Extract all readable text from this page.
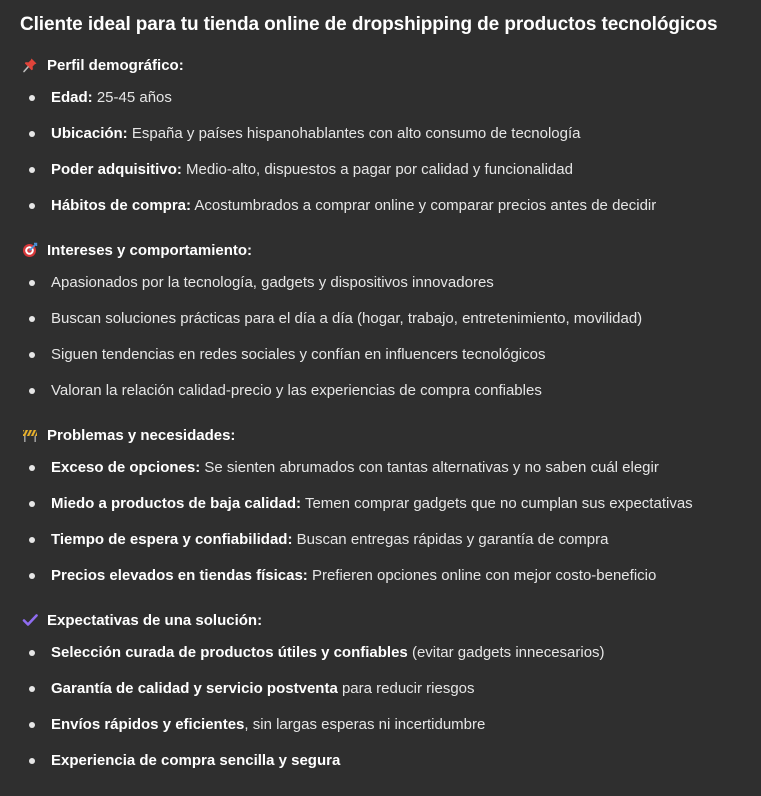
Cliente ideal para tu tienda online de dropshipping de productos tecnológicos
Perfil demográfico:
Edad: 25-45 años
Ubicación: España y países hispanohablantes con alto consumo de tecnología
Poder adquisitivo: Medio-alto, dispuestos a pagar por calidad y funcionalidad
Hábitos de compra: Acostumbrados a comprar online y comparar precios antes de decidir
Intereses y comportamiento:
Apasionados por la tecnología, gadgets y dispositivos innovadores
Buscan soluciones prácticas para el día a día (hogar, trabajo, entretenimiento, movilidad)
Siguen tendencias en redes sociales y confían en influencers tecnológicos
Valoran la relación calidad-precio y las experiencias de compra confiables
Problemas y necesidades:
Exceso de opciones: Se sienten abrumados con tantas alternativas y no saben cuál elegir
Miedo a productos de baja calidad: Temen comprar gadgets que no cumplan sus expectativas
Tiempo de espera y confiabilidad: Buscan entregas rápidas y garantía de compra
Precios elevados en tiendas físicas: Prefieren opciones online con mejor costo-beneficio
Expectativas de una solución:
Selección curada de productos útiles y confiables (evitar gadgets innecesarios)
Garantía de calidad y servicio postventa para reducir riesgos
Envíos rápidos y eficientes, sin largas esperas ni incertidumbre
Experiencia de compra sencilla y segura
